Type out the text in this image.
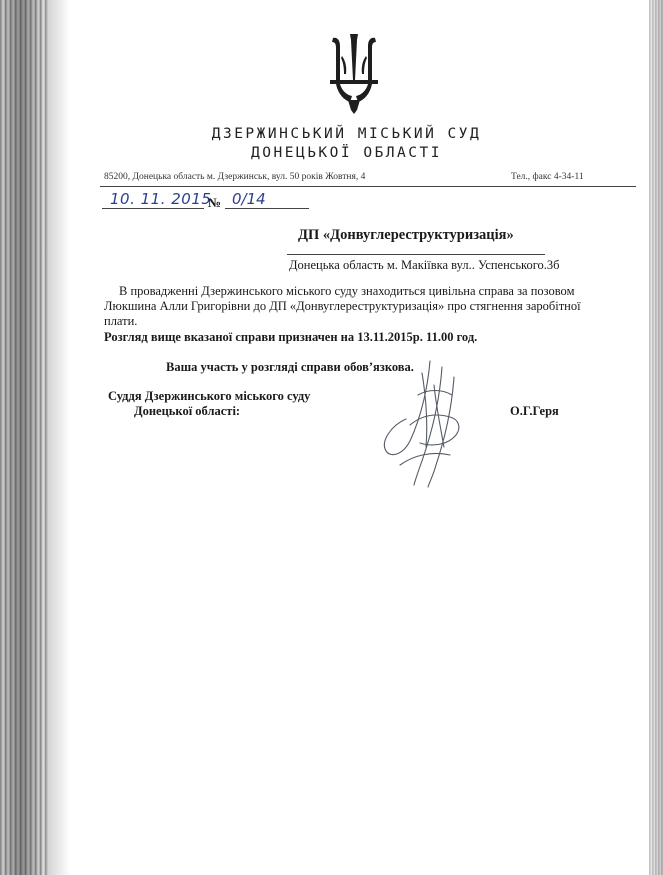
ДЗЕРЖИНСЬКИЙ МІСЬКИЙ СУД
ДОНЕЦЬКОЇ ОБЛАСТІ
85200, Донецька область м. Дзержинськ, вул. 50 років Жовтня, 4	Тел., факс 4-34-11
10. 11. 2015
№ 0/14
ДП «Донвуглереструктуризація»
Донецька область м. Макіївка вул.. Успенського.3б

В провадженні Дзержинського міського суду знаходиться цивільна справа за позовом Люкшина Алли Григорівни до ДП «Донвуглереструктуризація» про стягнення заробітної плати.

Розгляд вище вказаної справи призначен на 13.11.2015р. 11.00 год.

Ваша участь у розгляді справи обов’язкова.
Суддя Дзержинського міського суду
Донецької області:	О.Г.Геря
